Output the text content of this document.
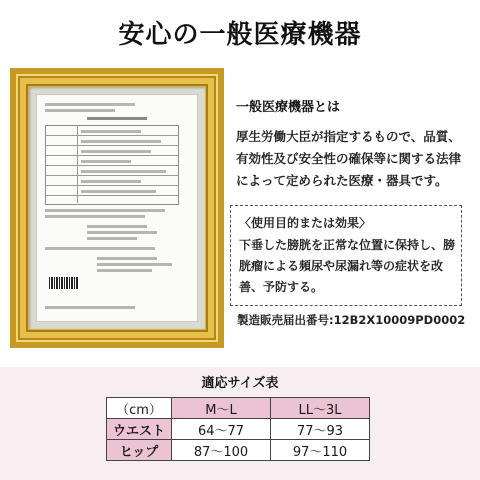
安心の一般医療機器
一般医療機器とは
厚生労働大臣が指定するもので、品質、有効性及び安全性の確保等に関する法律によって定められた医療・器具です。
〈使用目的または効果〉
下垂した膀胱を正常な位置に保持し、膀胱瘤による頻尿や尿漏れ等の症状を改善、予防する。
製造販売届出番号:12B2X10009PD0002
適応サイズ表
（cm）	M～L	LL～3L
ウエスト	64～77	77～93
ヒップ	87～100	97～110
